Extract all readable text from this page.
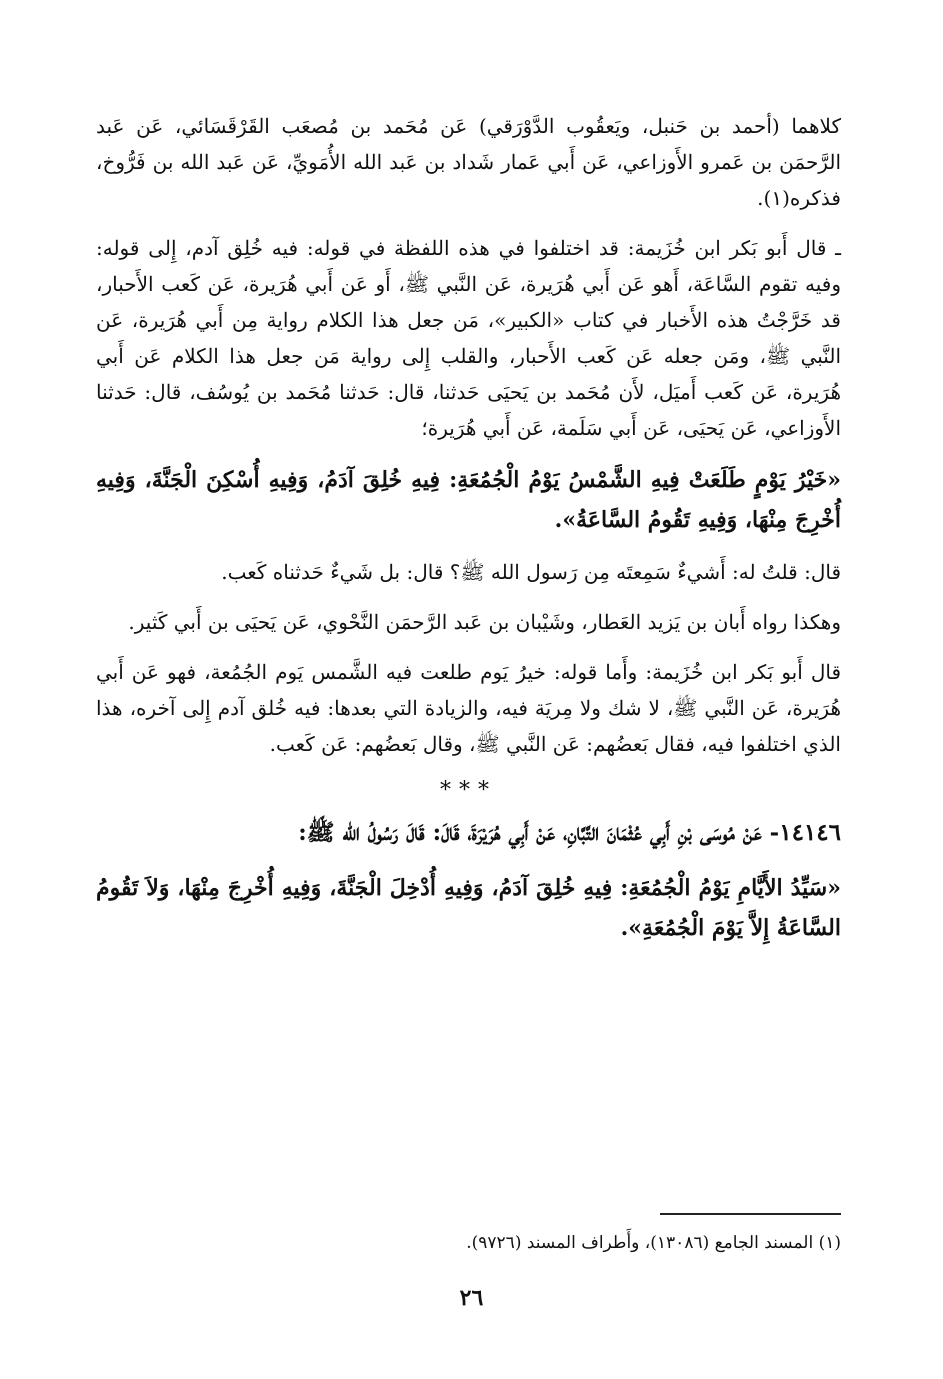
كلاهما (أحمد بن حَنبل، ويَعقُوب الدَّوْرَقي) عَن مُحَمد بن مُصعَب القَرْقَسَائي، عَن عَبد الرَّحمَن بن عَمرو الأَوزاعي، عَن أَبي عَمار شَداد بن عَبد الله الأُمَويِّ، عَن عَبد الله بن فَرُّوخ، فذكره(١).

ـ قال أَبو بَكر ابن خُزَيمة: قد اختلفوا في هذه اللفظة في قوله: فيه خُلِق آدم، إِلى قوله: وفيه تقوم السَّاعَة، أَهو عَن أَبي هُرَيرة، عَن النَّبي ﷺ، أَو عَن أَبي هُرَيرة، عَن كَعب الأَحبار، قد خَرَّجْتُ هذه الأَخبار في كتاب «الكبير»، مَن جعل هذا الكلام رواية مِن أَبي هُرَيرة، عَن النَّبي ﷺ، ومَن جعله عَن كَعب الأَحبار، والقلب إِلى رواية مَن جعل هذا الكلام عَن أَبي هُرَيرة، عَن كَعب أَميَل، لأَن مُحَمد بن يَحيَى حَدثنا، قال: حَدثنا مُحَمد بن يُوسُف، قال: حَدثنا الأَوزاعي، عَن يَحيَى، عَن أَبي سَلَمة، عَن أَبي هُرَيرة؛

«خَيْرُ يَوْمٍ طَلَعَتْ فِيهِ الشَّمْسُ يَوْمُ الْجُمُعَةِ: فِيهِ خُلِقَ آدَمُ، وَفِيهِ أُسْكِنَ الْجَنَّةَ، وَفِيهِ أُخْرِجَ مِنْهَا، وَفِيهِ تَقُومُ السَّاعَةُ».

قال: قلتُ له: أَشيءٌ سَمِعتَه مِن رَسول الله ﷺ؟ قال: بل شَيءٌ حَدثناه كَعب.

وهكذا رواه أَبان بن يَزيد العَطار، وشَيْبان بن عَبد الرَّحمَن النَّحْوي، عَن يَحيَى بن أَبي كَثير.

قال أَبو بَكر ابن خُزَيمة: وأَما قوله: خيرُ يَوم طلعت فيه الشَّمس يَوم الجُمُعة، فهو عَن أَبي هُرَيرة، عَن النَّبي ﷺ، لا شك ولا مِريَة فيه، والزيادة التي بعدها: فيه خُلق آدم إِلى آخره، هذا الذي اختلفوا فيه، فقال بَعضُهم: عَن النَّبي ﷺ، وقال بَعضُهم: عَن كَعب.

***

١٤١٤٦- عَنْ مُوسَى بْنِ أَبِي عُثْمَانَ التَّبَّانِ، عَنْ أَبِي هُرَيْرَةَ، قَالَ: قَالَ رَسُولُ الله ﷺ:

«سَيِّدُ الأَيَّامِ يَوْمُ الْجُمُعَةِ: فِيهِ خُلِقَ آدَمُ، وَفِيهِ أُدْخِلَ الْجَنَّةَ، وَفِيهِ أُخْرِجَ مِنْهَا، وَلاَ تَقُومُ السَّاعَةُ إِلاَّ يَوْمَ الْجُمُعَةِ».

(١) المسند الجامع (١٣٠٨٦)، وأَطراف المسند (٩٧٢٦).
٢٦
